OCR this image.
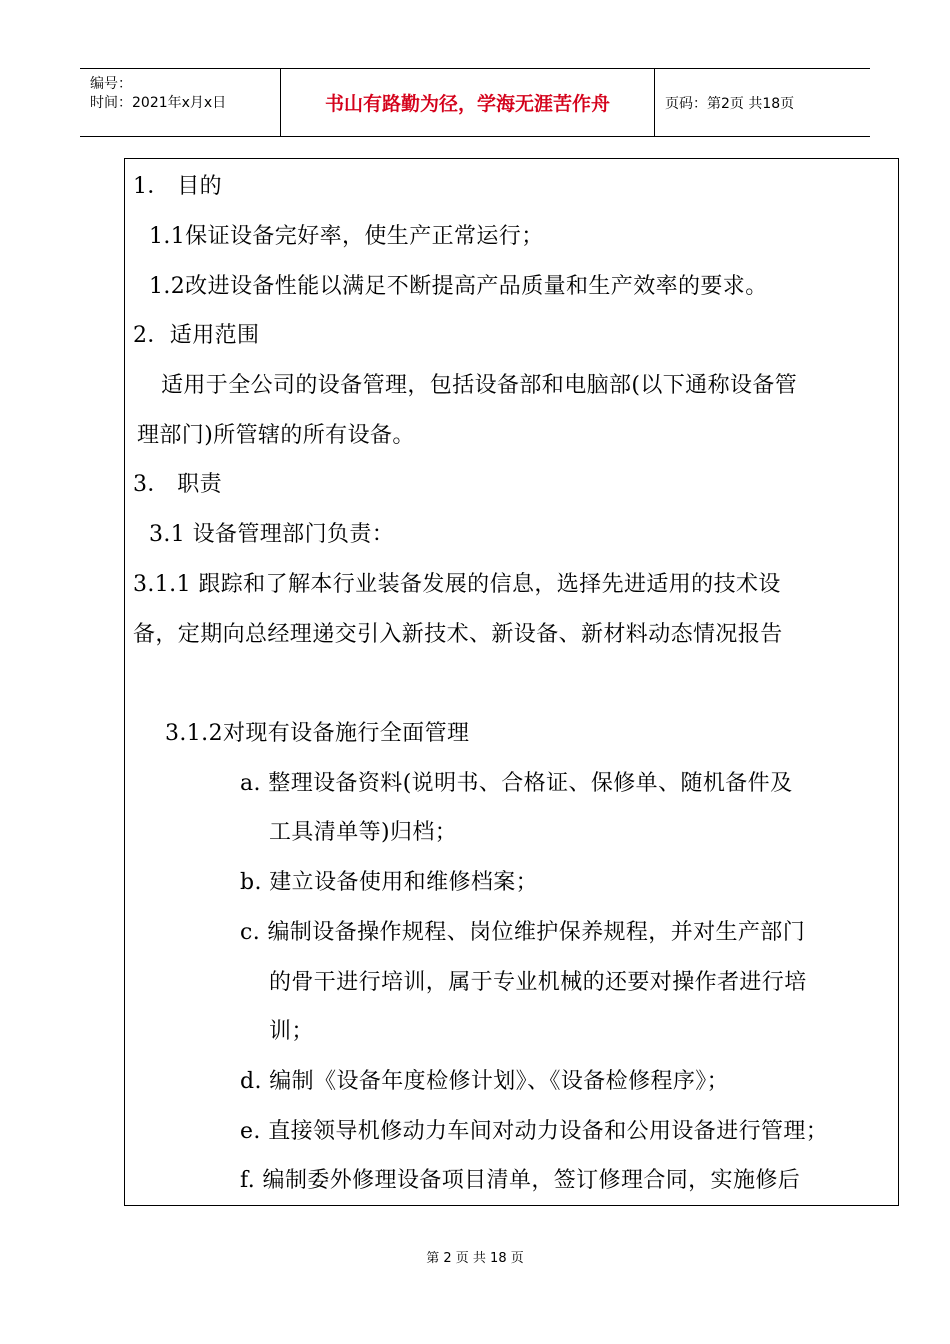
编号：
时间：2021年x月x日	书山有路勤为径，学海无涯苦作舟	页码：第2页 共18页
1． 目的
1.1保证设备完好率，使生产正常运行；
1.2改进设备性能以满足不断提高产品质量和生产效率的要求。
2．适用范围
适用于全公司的设备管理，包括设备部和电脑部(以下通称设备管
理部门)所管辖的所有设备。
3． 职责
3.1 设备管理部门负责：
3.1.1 跟踪和了解本行业装备发展的信息，选择先进适用的技术设
备，定期向总经理递交引入新技术、新设备、新材料动态情况报告
3.1.2对现有设备施行全面管理
a. 整理设备资料(说明书、合格证、保修单、随机备件及
工具清单等)归档；
b. 建立设备使用和维修档案；
c. 编制设备操作规程、岗位维护保养规程，并对生产部门
的骨干进行培训，属于专业机械的还要对操作者进行培
训；
d. 编制《设备年度检修计划》、《设备检修程序》；
e. 直接领导机修动力车间对动力设备和公用设备进行管理；
f. 编制委外修理设备项目清单，签订修理合同，实施修后
第 2 页 共 18 页
